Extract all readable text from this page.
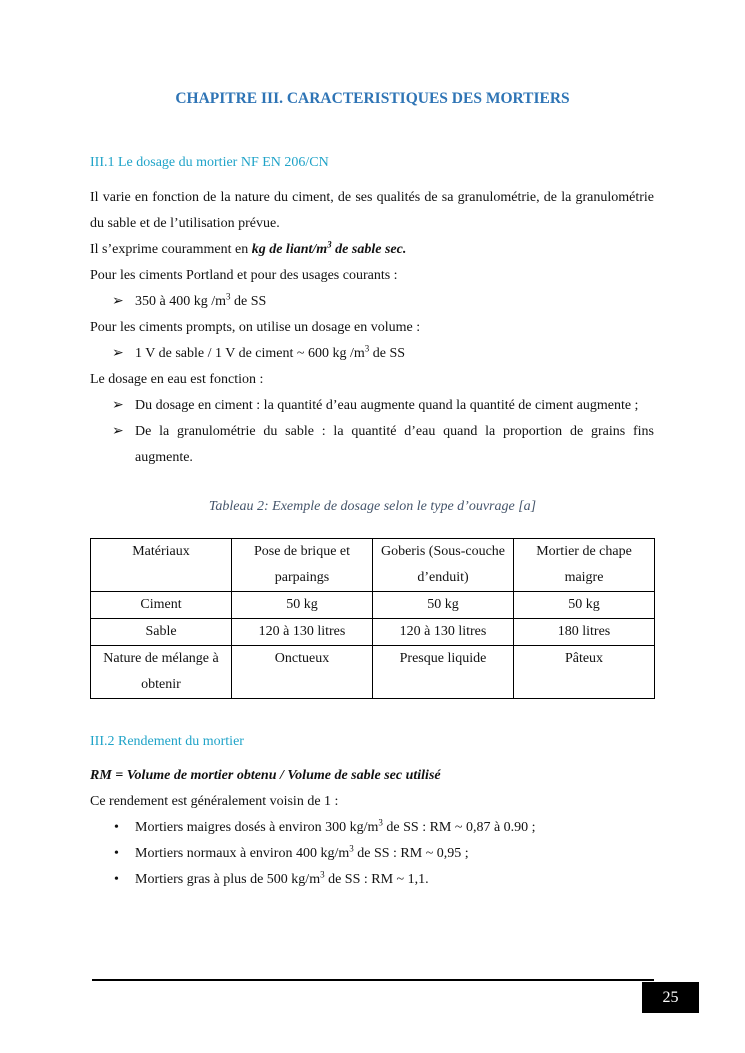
CHAPITRE III. CARACTERISTIQUES DES MORTIERS
III.1 Le dosage du mortier NF EN 206/CN
Il varie en fonction de la nature du ciment, de ses qualités de sa granulométrie, de la granulométrie du sable et de l’utilisation prévue.
Il s’exprime couramment en kg de liant/$m^3$ de sable sec.
Pour les ciments Portland et pour des usages courants :
➢ 350 à 400 kg $/m^3$ de SS
Pour les ciments prompts, on utilise un dosage en volume :
➢ 1 V de sable / 1 V de ciment ~ 600 kg $/m^3$ de SS
Le dosage en eau est fonction :
➢ Du dosage en ciment : la quantité d’eau augmente quand la quantité de ciment augmente ;
➢ De la granulométrie du sable : la quantité d’eau quand la proportion de grains fins augmente.
Tableau 2: Exemple de dosage selon le type d’ouvrage [a]
Matériaux	Pose de brique et parpaings	Goberis (Sous-couche d’enduit)	Mortier de chape maigre
Ciment	50 kg	50 kg	50 kg
Sable	120 à 130 litres	120 à 130 litres	180 litres
Nature de mélange à obtenir	Onctueux	Presque liquide	Pâteux
III.2 Rendement du mortier
RM = Volume de mortier obtenu / Volume de sable sec utilisé
Ce rendement est généralement voisin de 1 :
• Mortiers maigres dosés à environ 300 $kg/m^3$ de SS : RM ~ 0,87 à 0.90 ;
• Mortiers normaux à environ 400 $kg/m^3$ de SS : RM ~ 0,95 ;
• Mortiers gras à plus de 500 $kg/m^3$ de SS : RM ~ 1,1.
25
